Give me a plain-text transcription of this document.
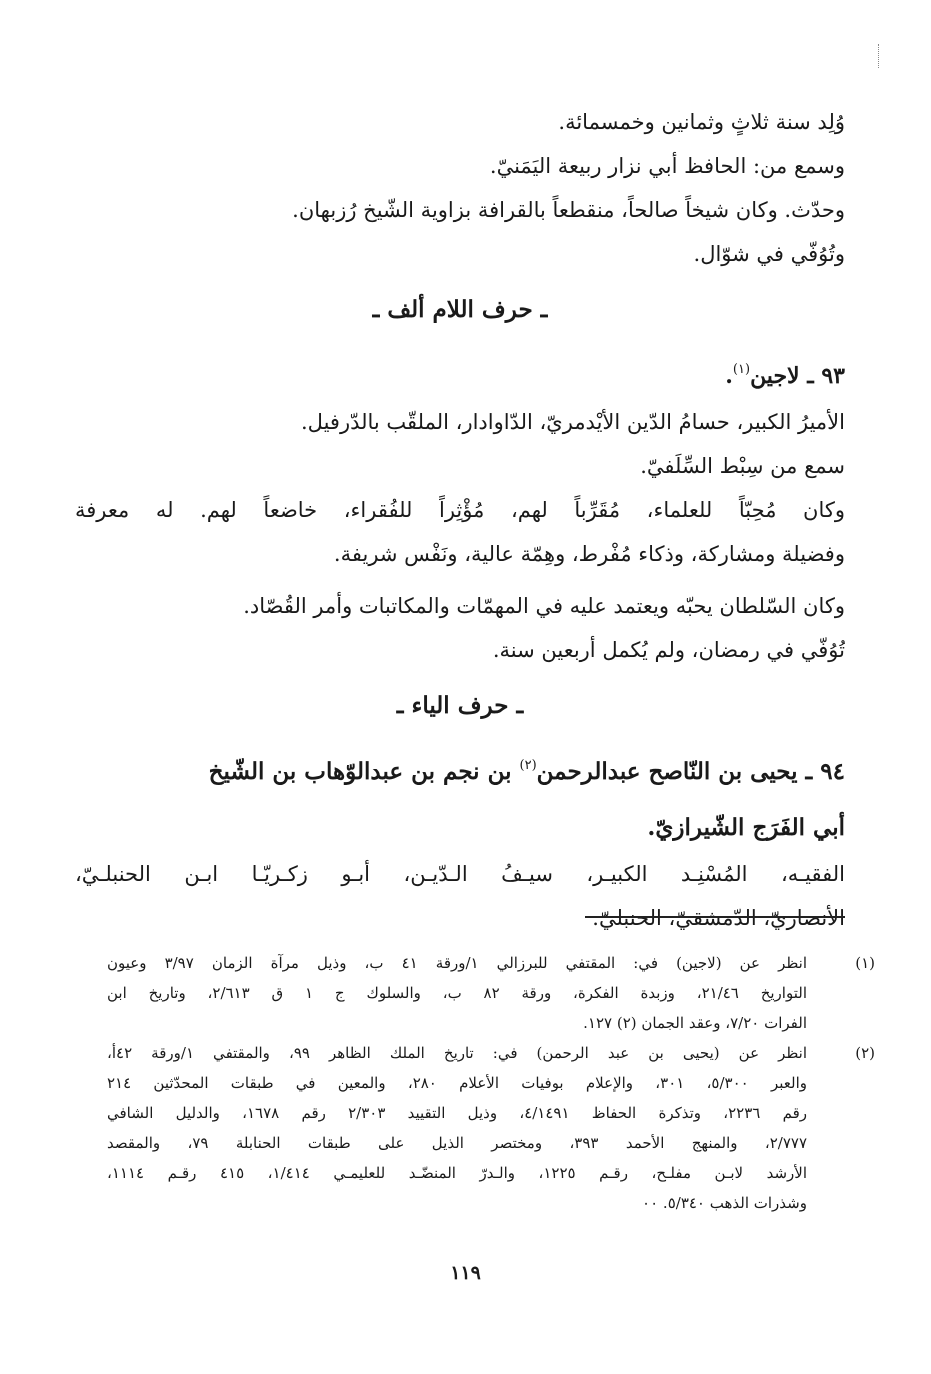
وُلِد سنة ثلاثٍ وثمانين وخمسمائة.
وسمع من: الحافظ أبي نزار ربيعة اليَمَنيّ.
وحدّث. وكان شيخاً صالحاً، منقطعاً بالقرافة بزاوية الشّيخ رُزبهان.
وتُوُفّي في شوّال.
ـ حرف اللام ألف ـ
٩٣ ـ لاجين$^{(١)}$.
الأميرُ الكبير، حسامُ الدّين الأيْدمريّ، الدّاوادار، الملقّب بالدّرفيل.
سمع من سِبْط السِّلَفيّ.
وكان مُحِبّاً للعلماء، مُقَرِّباً لهم، مُؤْثِراً للفُقراء، خاضعاً لهم. له معرفة
وفضيلة ومشاركة، وذكاء مُفْرط، وهِمّة عالية، ونَفْس شريفة.
وكان السّلطان يحبّه ويعتمد عليه في المهمّات والمكاتبات وأمر القُصّاد.
تُوُفّي في رمضان، ولم يُكمل أربعين سنة.
ـ حرف الياء ـ
٩٤ ـ يحيى بن النّاصح عبدالرحمن$^{(٢)}$ بن نجم بن عبدالوّهاب بن الشّيخ
أبي الفَرَج الشّيرازيّ.
الفقيـه، المُسْنِـد الكبيـر، سيـفُ الـدّيـن، أبـو زكـريّـا ابـن الحنبلـيّ،
الأنصاريّ، الدّمشقيّ، الحنبليّ.
(١)
انظر عن (لاجين) في: المقتفي للبرزالي ١/ورقة ٤١ ب، وذيل مرآة الزمان ٣/٩٧ وعيون
التواريخ ٢١/٤٦، وزبدة الفكرة، ورقة ٨٢ ب، والسلوك ج ١ ق ٢/٦١٣، وتاريخ ابن
الفرات ٧/٢٠، وعقد الجمان (٢) ١٢٧.
(٢)
انظر عن (يحيى بن عبد الرحمن) في: تاريخ الملك الظاهر ٩٩، والمقتفي ١/ورقة ٤٢أ،
والعبر ٥/٣٠٠، ٣٠١، والإعلام بوفيات الأعلام ٢٨٠، والمعين في طبقات المحدّثين ٢١٤
رقم ٢٢٣٦، وتذكرة الحفاظ ٤/١٤٩١، وذيل التقييد ٢/٣٠٣ رقم ١٦٧٨، والدليل الشافي
٢/٧٧٧، والمنهج الأحمد ٣٩٣، ومختصر الذيل على طبقات الحنابلة ٧٩، والمقصد
الأرشد لابـن مفلـح، رقـم ١٢٢٥، والـدرّ المنضّـد للعليمـي ١/٤١٤، ٤١٥ رقـم ١١١٤،
وشذرات الذهب ٥/٣٤٠. ٠٠
١١٩
